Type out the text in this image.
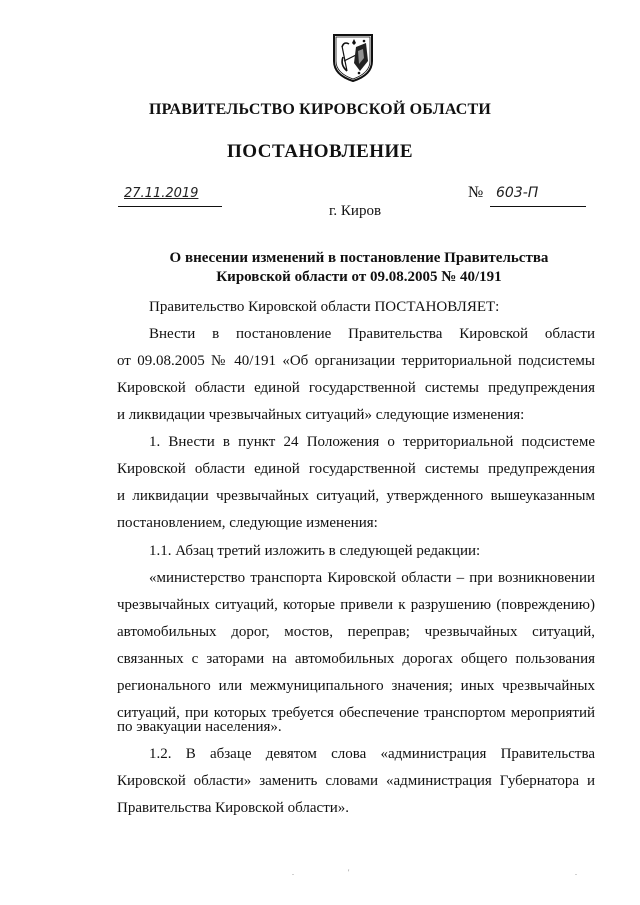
ПРАВИТЕЛЬСТВО КИРОВСКОЙ ОБЛАСТИ
ПОСТАНОВЛЕНИЕ
27.11.2019	№ 603-П
г. Киров
О внесении изменений в постановление Правительства
Кировской области от 09.08.2005 № 40/191
Правительство Кировской области ПОСТАНОВЛЯЕТ:
Внести в постановление Правительства Кировской области
от 09.08.2005 № 40/191 «Об организации территориальной подсистемы
Кировской области единой государственной системы предупреждения
и ликвидации чрезвычайных ситуаций» следующие изменения:
1. Внести в пункт 24 Положения о территориальной подсистеме
Кировской области единой государственной системы предупреждения
и ликвидации чрезвычайных ситуаций, утвержденного вышеуказанным
постановлением, следующие изменения:
1.1. Абзац третий изложить в следующей редакции:
«министерство транспорта Кировской области – при возникновении
чрезвычайных ситуаций, которые привели к разрушению (повреждению)
автомобильных дорог, мостов, переправ; чрезвычайных ситуаций,
связанных с заторами на автомобильных дорогах общего пользования
регионального или межмуниципального значения; иных чрезвычайных
ситуаций, при которых требуется обеспечение транспортом мероприятий
по эвакуации населения».
1.2. В абзаце девятом слова «администрация Правительства
Кировской области» заменить словами «администрация Губернатора и
Правительства Кировской области».
.	'	.
